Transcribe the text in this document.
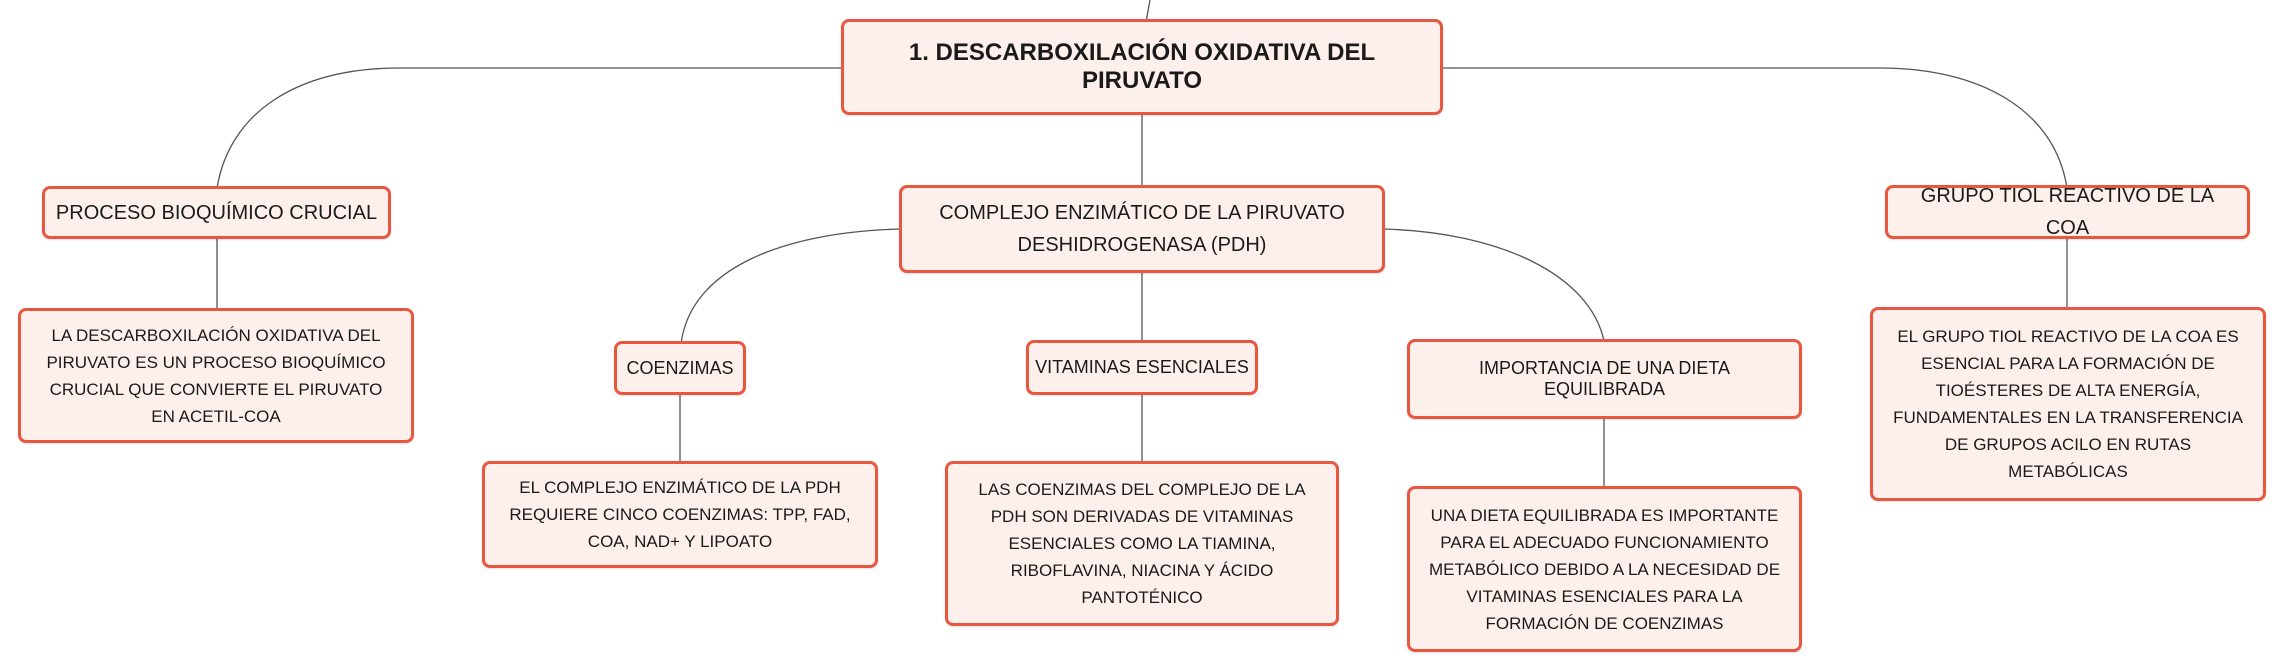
1. DESCARBOXILACIÓN OXIDATIVA DEL PIRUVATO
PROCESO BIOQUÍMICO CRUCIAL
LA DESCARBOXILACIÓN OXIDATIVA DEL PIRUVATO ES UN PROCESO BIOQUÍMICO CRUCIAL QUE CONVIERTE EL PIRUVATO EN ACETIL-COA
COMPLEJO ENZIMÁTICO DE LA PIRUVATO DESHIDROGENASA (PDH)
GRUPO TIOL REACTIVO DE LA COA
EL GRUPO TIOL REACTIVO DE LA COA ES ESENCIAL PARA LA FORMACIÓN DE TIOÉSTERES DE ALTA ENERGÍA, FUNDAMENTALES EN LA TRANSFERENCIA DE GRUPOS ACILO EN RUTAS METABÓLICAS
COENZIMAS
EL COMPLEJO ENZIMÁTICO DE LA PDH REQUIERE CINCO COENZIMAS: TPP, FAD, COA, NAD+ Y LIPOATO
VITAMINAS ESENCIALES
LAS COENZIMAS DEL COMPLEJO DE LA PDH SON DERIVADAS DE VITAMINAS ESENCIALES COMO LA TIAMINA, RIBOFLAVINA, NIACINA Y ÁCIDO PANTOTÉNICO
IMPORTANCIA DE UNA DIETA EQUILIBRADA
UNA DIETA EQUILIBRADA ES IMPORTANTE PARA EL ADECUADO FUNCIONAMIENTO METABÓLICO DEBIDO A LA NECESIDAD DE VITAMINAS ESENCIALES PARA LA FORMACIÓN DE COENZIMAS
